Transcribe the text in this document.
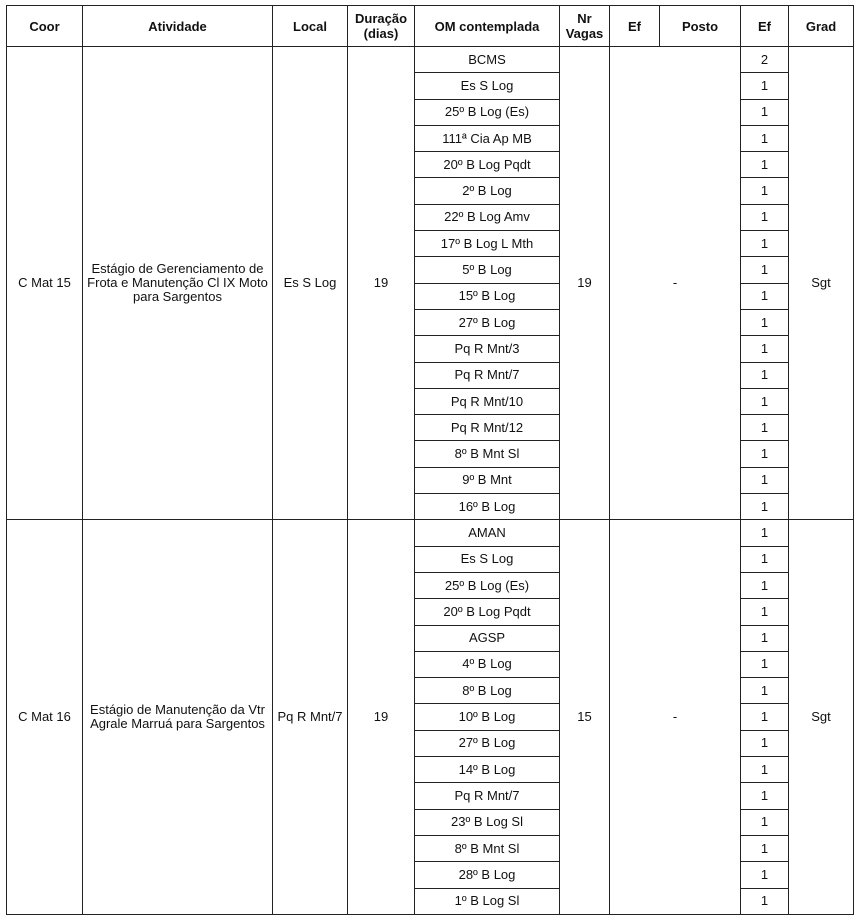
Coor	Atividade	Local	Duração (dias)	OM contemplada	Nr Vagas	Ef	Posto	Ef	Grad
C Mat 15	Estágio de Gerenciamento de Frota e Manutenção Cl IX Moto para Sargentos	Es S Log	19	BCMS	19	-		2	Sgt
				Es S Log				1	
				25º B Log (Es)				1	
				111ª Cia Ap MB				1	
				20º B Log Pqdt				1	
				2º B Log				1	
				22º B Log Amv				1	
				17º B Log L Mth				1	
				5º B Log				1	
				15º B Log				1	
				27º B Log				1	
				Pq R Mnt/3				1	
				Pq R Mnt/7				1	
				Pq R Mnt/10				1	
				Pq R Mnt/12				1	
				8º B Mnt Sl				1	
				9º B Mnt				1	
				16º B Log				1	
C Mat 16	Estágio de Manutenção da Vtr Agrale Marruá para Sargentos	Pq R Mnt/7	19	AMAN	15	-		1	Sgt
				Es S Log				1	
				25º B Log (Es)				1	
				20º B Log Pqdt				1	
				AGSP				1	
				4º B Log				1	
				8º B Log				1	
				10º B Log				1	
				27º B Log				1	
				14º B Log				1	
				Pq R Mnt/7				1	
				23º B Log Sl				1	
				8º B Mnt Sl				1	
				28º B Log				1	
				1º B Log Sl				1	
